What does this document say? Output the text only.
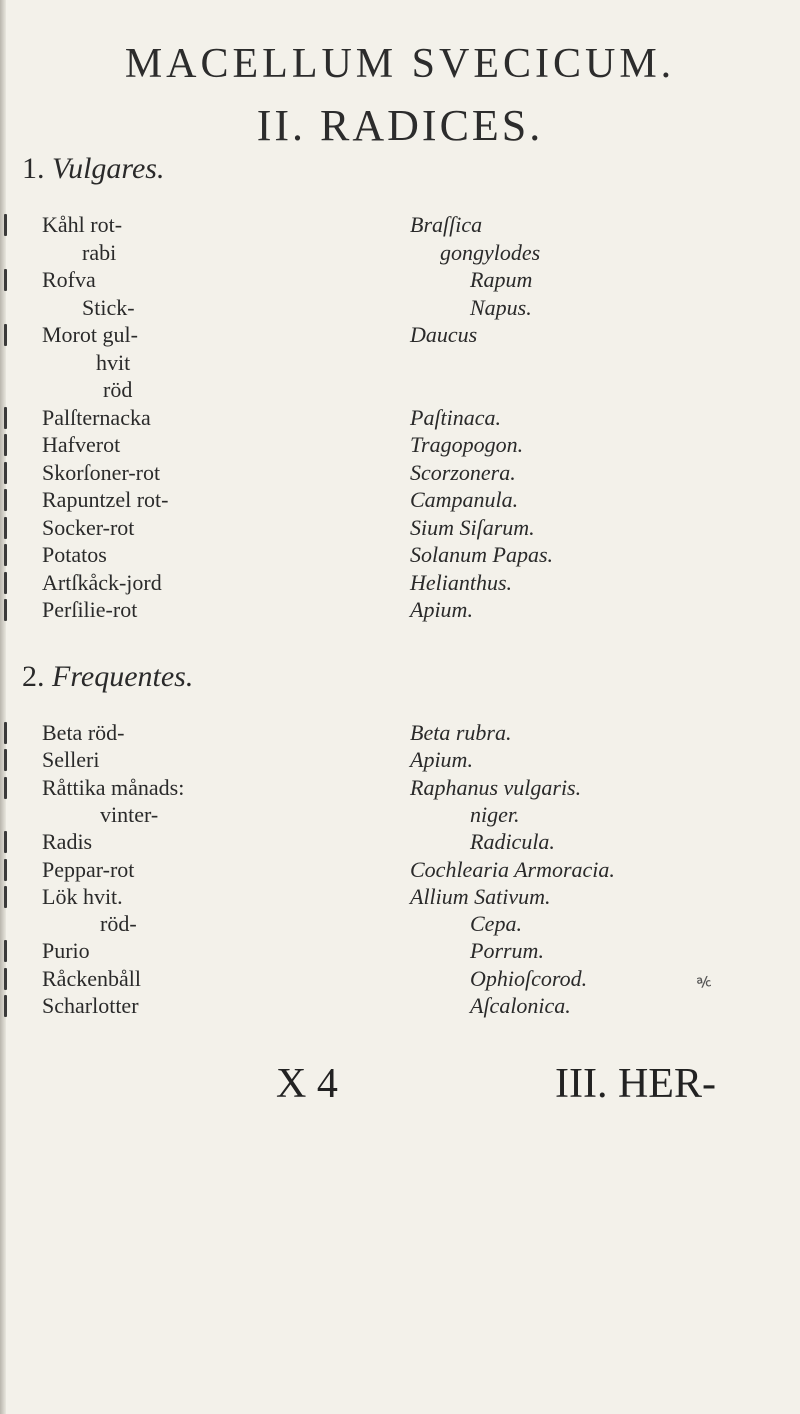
MACELLUM SVECICUM.
II. RADICES.
1. Vulgares.
Kåhl rot-	Braſſica
rabi	gongylodes
Rofva	Rapum
Stick-	Napus.
Morot gul-	Daucus
hvit
röd
Palſternacka	Paſtinaca.
Hafverot	Tragopogon.
Skorſoner-rot	Scorzonera.
Rapuntzel rot-	Campanula.
Socker-rot	Sium Siſarum.
Potatos	Solanum Papas.
Artſkåck-jord	Helianthus.
Perſilie-rot	Apium.
2. Frequentes.
Beta röd-	Beta rubra.
Selleri	Apium.
Råttika månads:	Raphanus vulgaris.
vinter-	niger.
Radis	Radicula.
Peppar-rot	Cochlearia Armoracia.
Lök hvit.	Allium Sativum.
röd-	Cepa.
Purio	Porrum.
Råckenbåll	Ophioſcorod.
Scharlotter	Aſcalonica.
℀
X 4	III. HER-
